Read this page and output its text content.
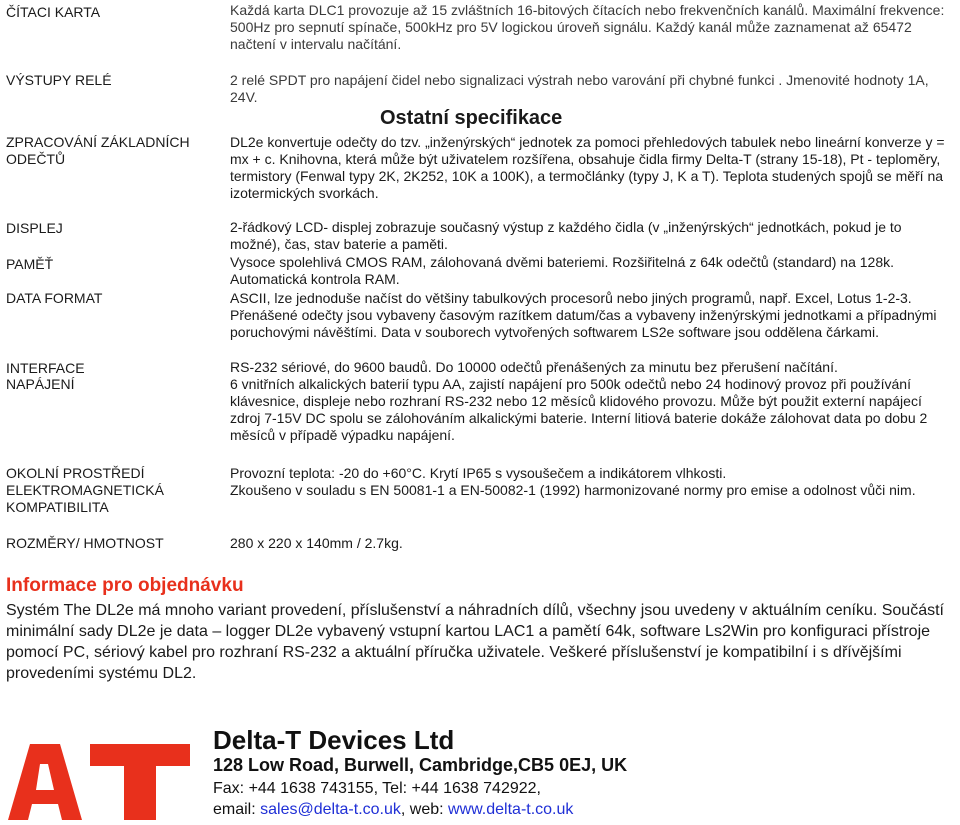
ČÍTACI KARTA
VÝSTUPY RELÉ
ZPRACOVÁNÍ ZÁKLADNÍCH ODEČTŮ
DISPLEJ
PAMĚŤ
DATA FORMAT
INTERFACE
NAPÁJENÍ
OKOLNÍ PROSTŘEDÍ
ELEKTROMAGNETICKÁ KOMPATIBILITA
ROZMĚRY/ HMOTNOST
Každá karta DLC1 provozuje až 15 zvláštních 16-bitových čítacích nebo frekvenčních kanálů. Maximální frekvence: 500Hz pro sepnutí spínače, 500kHz pro 5V logickou úroveň signálu. Každý kanál může zaznamenat až 65472 načtení v intervalu načítání.
2 relé SPDT pro napájení čidel nebo signalizaci výstrah nebo varování při chybné funkci . Jmenovité hodnoty 1A, 24V.
Ostatní specifikace
DL2e konvertuje odečty do tzv. „inženýrských“ jednotek za pomoci přehledových tabulek nebo lineární konverze y = mx + c. Knihovna, která může být uživatelem rozšířena, obsahuje čidla firmy Delta-T (strany 15-18), Pt - teploměry, termistory (Fenwal typy 2K, 2K252, 10K a 100K), a termočlánky (typy J, K a T). Teplota studených spojů se měří na izotermických svorkách.
2-řádkový LCD- displej zobrazuje současný výstup z každého čidla (v „inženýrských“ jednotkách, pokud je to možné), čas, stav baterie a paměti.
Vysoce spolehlivá CMOS RAM, zálohovaná dvěmi bateriemi. Rozšiřitelná z 64k odečtů (standard) na 128k. Automatická kontrola RAM.
ASCII, lze jednoduše načíst do většiny tabulkových procesorů nebo jiných programů, např. Excel, Lotus 1-2-3. Přenášené odečty jsou vybaveny časovým razítkem datum/čas a vybaveny inženýrskými jednotkami a případnými poruchovými návěštími. Data v souborech vytvořených softwarem LS2e software jsou oddělena čárkami.
RS-232 sériové, do 9600 baudů. Do 10000 odečtů přenášených za minutu bez přerušení načítání.
6 vnitřních alkalických baterií typu AA, zajistí napájení pro 500k odečtů nebo 24 hodinový provoz při používání klávesnice, displeje nebo rozhraní RS-232 nebo 12 měsíců klidového provozu. Může být použit externí napájecí zdroj 7-15V DC spolu se zálohováním alkalickými baterie. Interní litiová baterie dokáže zálohovat data po dobu 2 měsíců v případě výpadku napájení.
Provozní teplota: -20 do +60°C. Krytí IP65 s vysoušečem a indikátorem vlhkosti.
Zkoušeno v souladu s EN 50081-1 a EN-50082-1 (1992) harmonizované normy pro emise a odolnost vůči nim.
280 x 220 x 140mm / 2.7kg.
Informace pro objednávku
Systém The DL2e má mnoho variant provedení, příslušenství a náhradních dílů, všechny jsou uvedeny v aktuálním ceníku. Součástí minimální sady DL2e je data – logger DL2e vybavený vstupní kartou LAC1 a pamětí 64k, software Ls2Win pro konfiguraci přístroje pomocí PC, sériový kabel pro rozhraní RS-232 a aktuální příručka uživatele. Veškeré příslušenství je kompatibilní i s dřívějšími provedeními systému DL2.
Delta-T Devices Ltd
128 Low Road, Burwell, Cambridge,CB5 0EJ, UK
Fax: +44 1638 743155, Tel: +44 1638 742922,
email: sales@delta-t.co.uk, web: www.delta-t.co.uk
